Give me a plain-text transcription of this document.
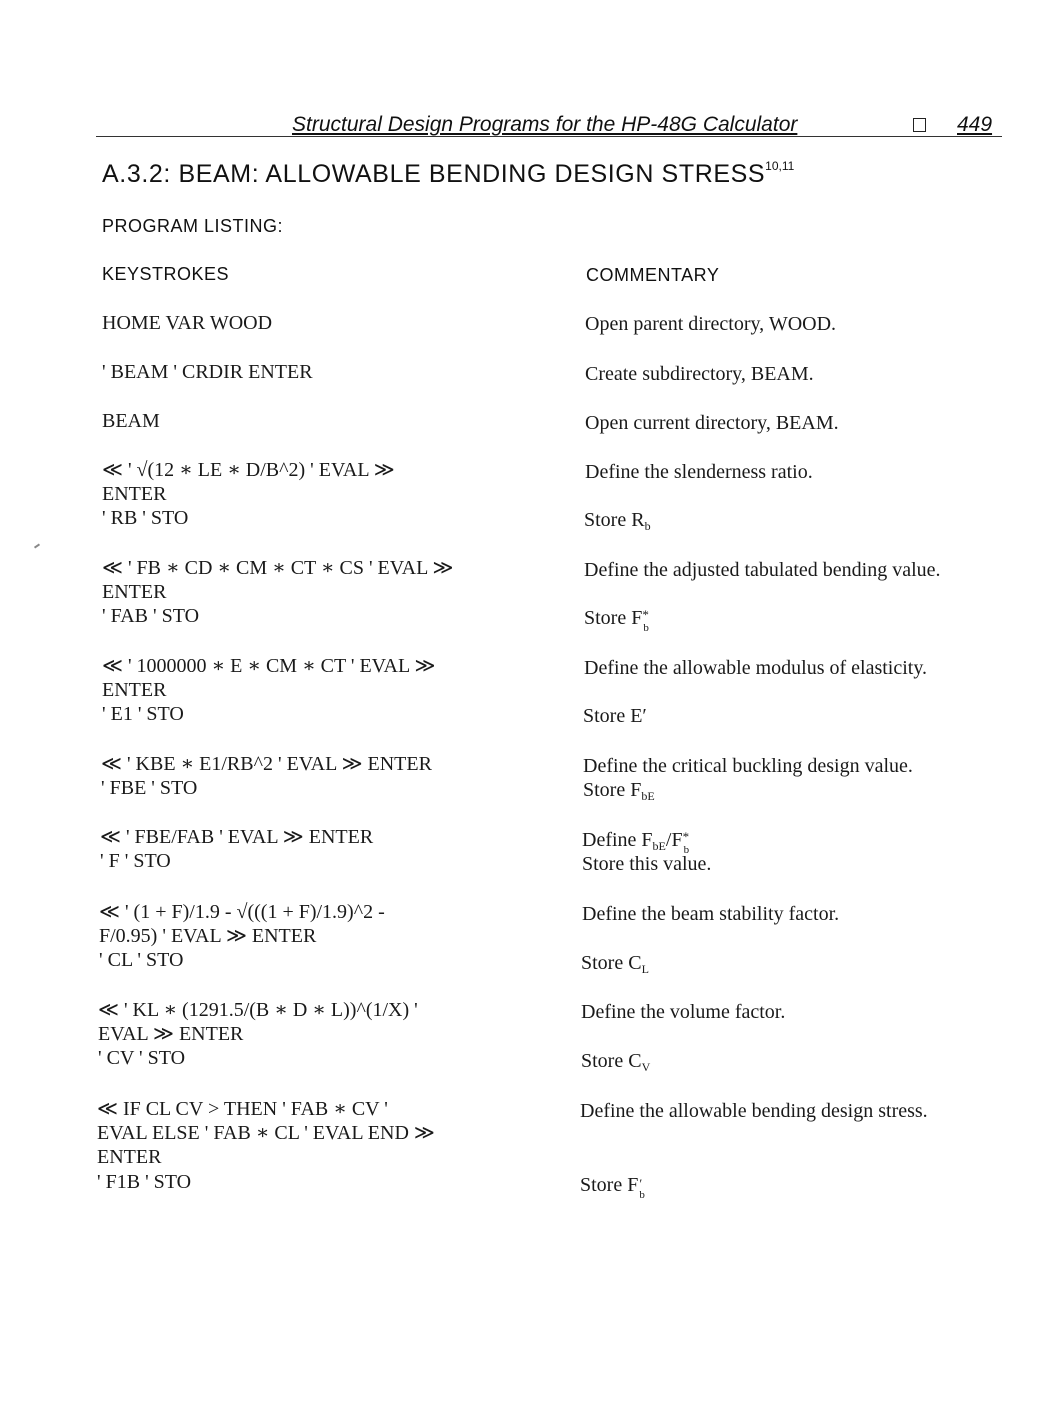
Structural Design Programs for the HP-48G Calculator	449
A.3.2: BEAM: ALLOWABLE BENDING DESIGN STRESS$^{10,11}$
PROGRAM LISTING:
KEYSTROKES	COMMENTARY
HOME VAR WOOD
' BEAM ' CRDIR ENTER
BEAM
≪ ' √(12 ∗ LE ∗ D/B^2) ' EVAL ≫
ENTER
' RB ' STO
≪ ' FB ∗ CD ∗ CM ∗ CT ∗ CS ' EVAL ≫
ENTER
' FAB ' STO
≪ ' 1000000 ∗ E ∗ CM ∗ CT ' EVAL ≫
ENTER
' E1 ' STO
≪ ' KBE ∗ E1/RB^2 ' EVAL ≫ ENTER
' FBE ' STO
≪ ' FBE/FAB ' EVAL ≫ ENTER
' F ' STO
≪ ' (1 + F)/1.9 - √(((1 + F)/1.9)^2 -
F/0.95) ' EVAL ≫ ENTER
' CL ' STO
≪ ' KL ∗ (1291.5/(B ∗ D ∗ L))^(1/X) '
EVAL ≫ ENTER
' CV ' STO
≪ IF CL CV > THEN ' FAB ∗ CV '
EVAL ELSE ' FAB ∗ CL ' EVAL END ≫
ENTER
' F1B ' STO
Open parent directory, WOOD.
Create subdirectory, BEAM.
Open current directory, BEAM.
Define the slenderness ratio.
Store $R_b$
Define the adjusted tabulated bending value.
Store F *
b
Define the allowable modulus of elasticity.
Store E′
Define the critical buckling design value.
Store $F_{bE}$
Define $F_{bE}/F$ *
b
Store this value.
Define the beam stability factor.
Store $C_L$
Define the volume factor.
Store $C_V$
Define the allowable bending design stress.
Store F ′
b
